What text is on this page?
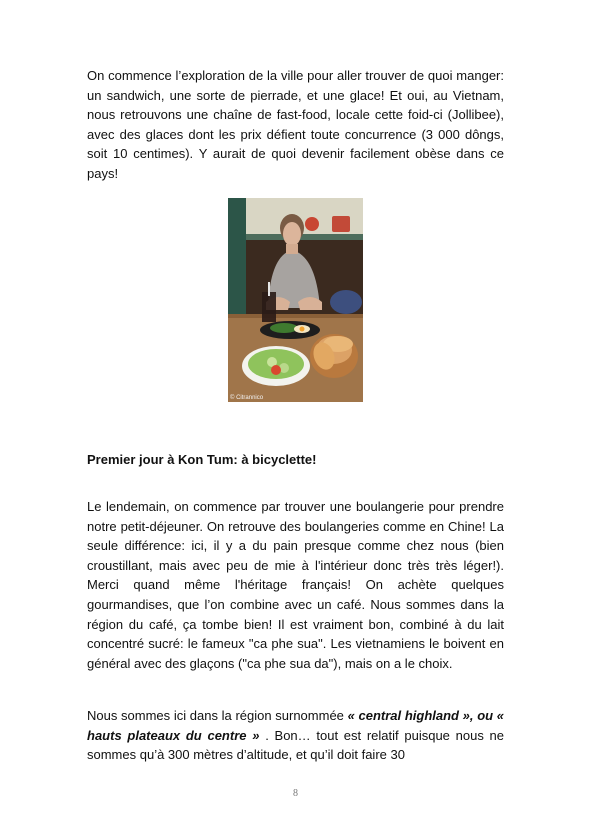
On commence l’exploration de la ville pour aller trouver de quoi manger: un sandwich, une sorte de pierrade, et une glace! Et oui, au Vietnam, nous retrouvons une chaîne de fast-food, locale cette foid-ci (Jollibee), avec des glaces dont les prix défient toute concurrence (3 000 dôngs, soit 10 centimes). Y aurait de quoi devenir facilement obèse dans ce pays!

© Citrannico

Premier jour à Kon Tum: à bicyclette!

Le lendemain, on commence par trouver une boulangerie pour prendre notre petit-déjeuner. On retrouve des boulangeries comme en Chine! La seule différence: ici, il y a du pain presque comme chez nous (bien croustillant, mais avec peu de mie à l'intérieur donc très très léger!). Merci quand même l'héritage français! On achète quelques gourmandises, que l’on combine avec un café. Nous sommes dans la région du café, ça tombe bien! Il est vraiment bon, combiné à du lait concentré sucré: le fameux "ca phe sua". Les vietnamiens le boivent en général avec des glaçons ("ca phe sua da"), mais on a le choix.

Nous sommes ici dans la région surnommée « central highland », ou « hauts plateaux du centre » . Bon… tout est relatif puisque nous ne sommes qu’à 300 mètres d’altitude, et qu’il doit faire 30

8
